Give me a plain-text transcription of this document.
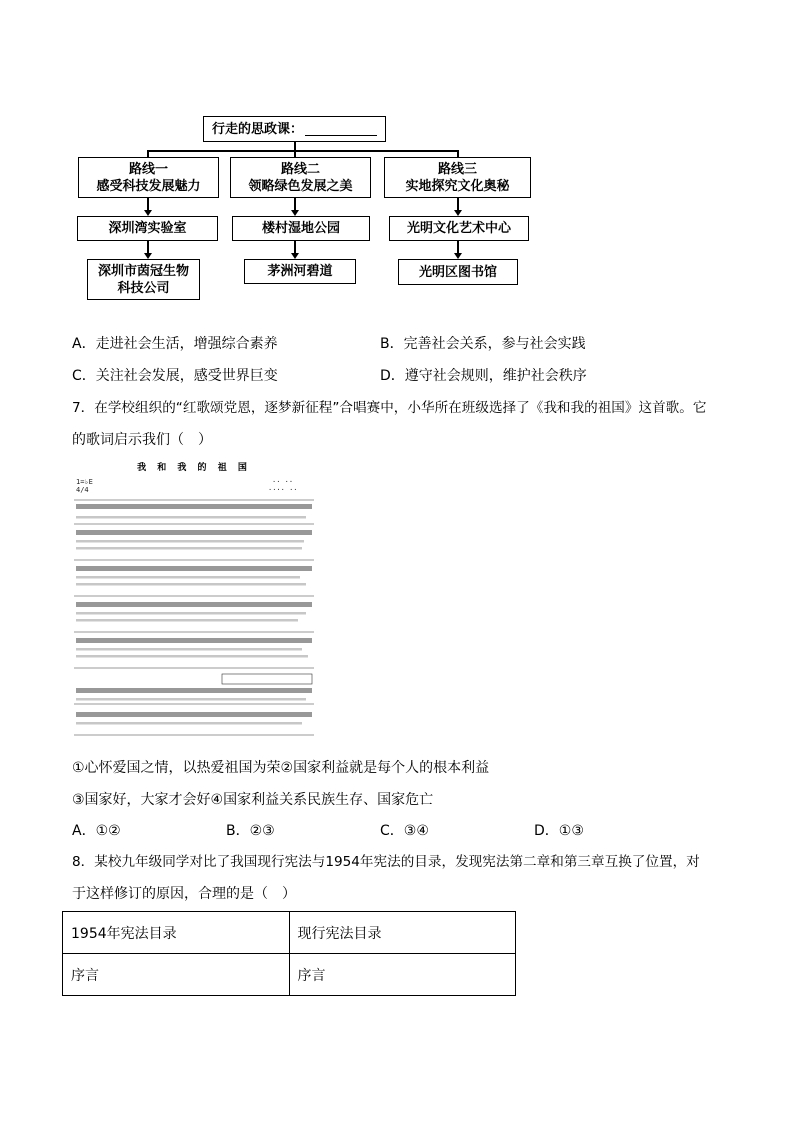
行走的思政课：
路线一
感受科技发展魅力
路线二
领略绿色发展之美
路线三
实地探究文化奥秘
深圳湾实验室	楼村湿地公园	光明文化艺术中心
深圳市茵冠生物
科技公司
茅洲河碧道	光明区图书馆
A．走进社会生活，增强综合素养	B．完善社会关系，参与社会实践
C．关注社会发展，感受世界巨变	D．遵守社会规则，维护社会秩序
7．在学校组织的“红歌颂党恩，逐梦新征程”合唱赛中，小华所在班级选择了《我和我的祖国》这首歌。它
的歌词启示我们（　）
我 和 我 的 祖 国
1=♭E
4/4
·· ··
···· ··
①心怀爱国之情，以热爱祖国为荣②国家利益就是每个人的根本利益
③国家好，大家才会好④国家利益关系民族生存、国家危亡
A．①②	B．②③	C．③④	D．①③
8．某校九年级同学对比了我国现行宪法与1954年宪法的目录，发现宪法第二章和第三章互换了位置，对
于这样修订的原因，合理的是（　）
1954年宪法目录	现行宪法目录
序言	序言
